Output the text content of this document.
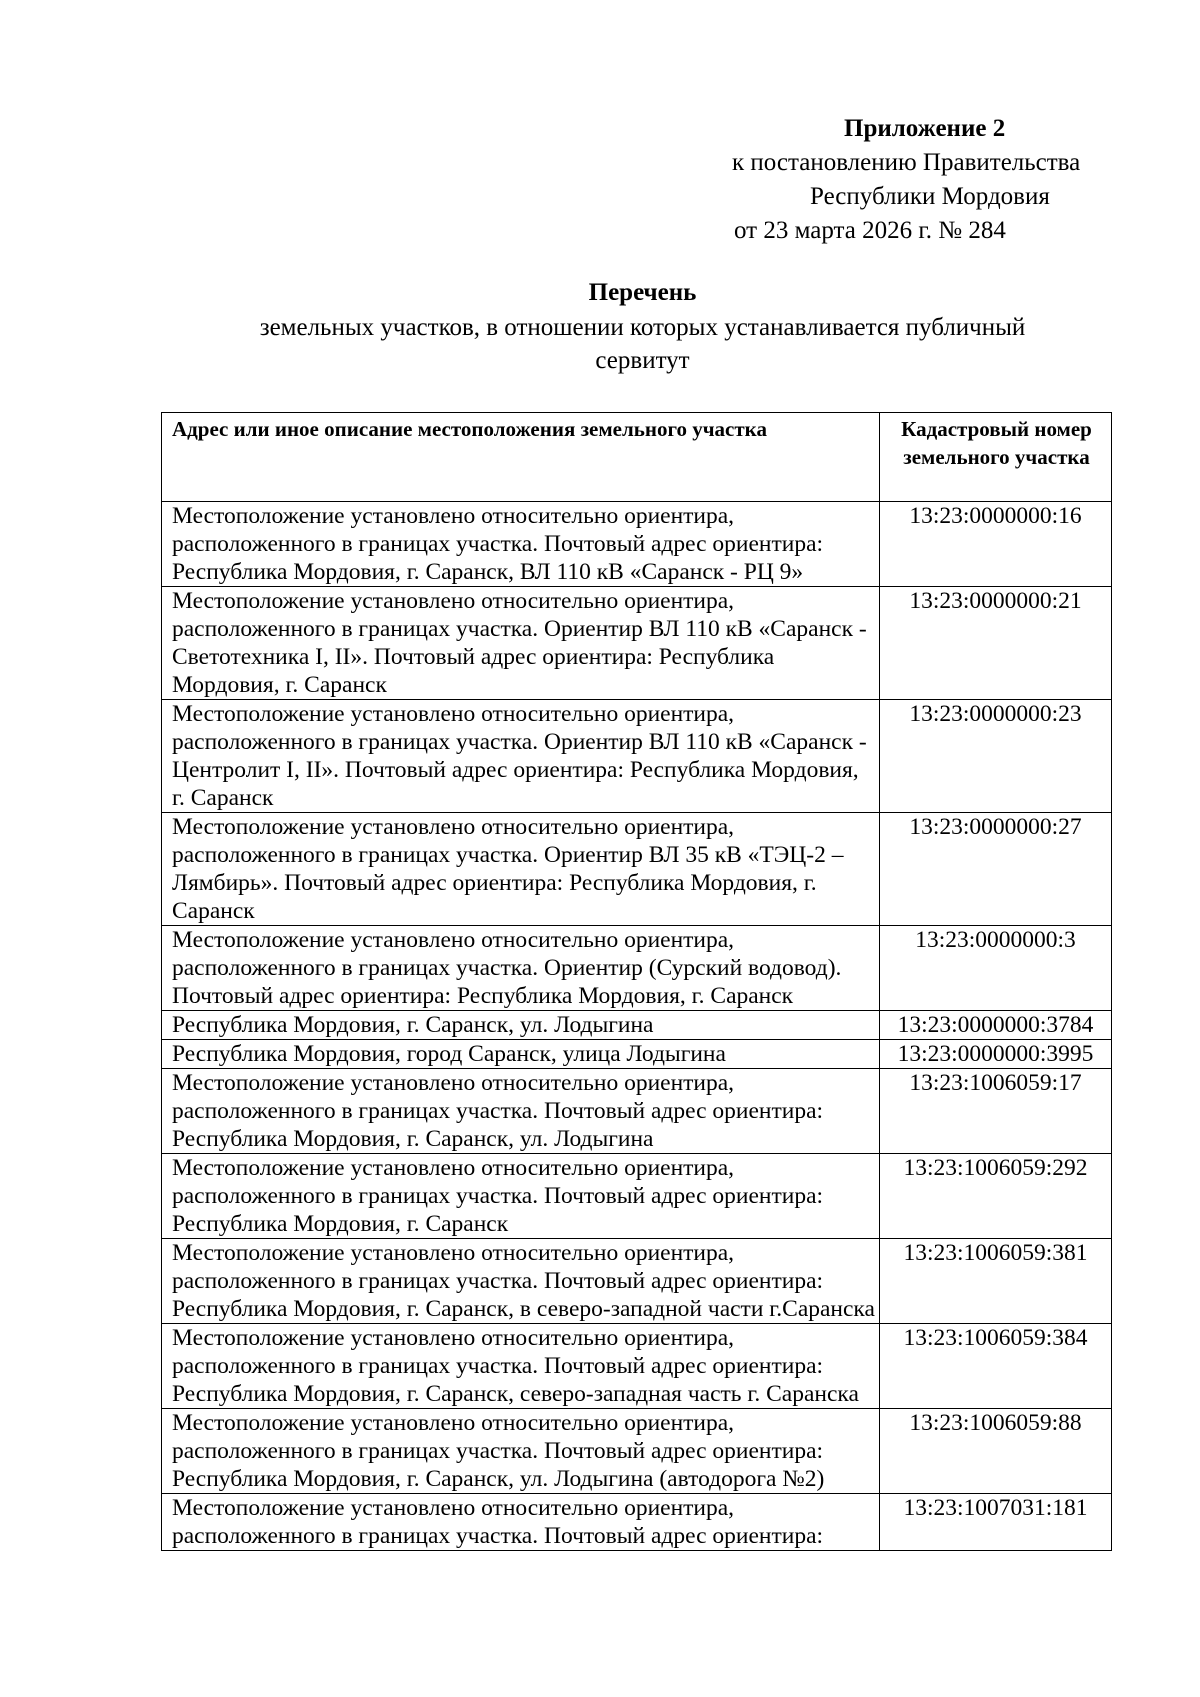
Приложение 2
к постановлению Правительства
Республики Мордовия
от 23 марта 2026 г. № 284
Перечень
земельных участков, в отношении которых устанавливается публичный
сервитут
Адрес или иное описание местоположения земельного участка	Кадастровый номер земельного участка
Местоположение установлено относительно ориентира, расположенного в границах участка. Почтовый адрес ориентира: Республика Мордовия, г. Саранск, ВЛ 110 кВ «Саранск - РЦ 9»	13:23:0000000:16
Местоположение установлено относительно ориентира, расположенного в границах участка. Ориентир ВЛ 110 кВ «Саранск - Светотехника I, II». Почтовый адрес ориентира: Республика Мордовия, г. Саранск	13:23:0000000:21
Местоположение установлено относительно ориентира, расположенного в границах участка. Ориентир ВЛ 110 кВ «Саранск - Центролит I, II». Почтовый адрес ориентира: Республика Мордовия, г. Саранск	13:23:0000000:23
Местоположение установлено относительно ориентира, расположенного в границах участка. Ориентир ВЛ 35 кВ «ТЭЦ-2 – Лямбирь». Почтовый адрес ориентира: Республика Мордовия, г. Саранск	13:23:0000000:27
Местоположение установлено относительно ориентира, расположенного в границах участка. Ориентир (Сурский водовод). Почтовый адрес ориентира: Республика Мордовия, г. Саранск	13:23:0000000:3
Республика Мордовия, г. Саранск, ул. Лодыгина	13:23:0000000:3784
Республика Мордовия, город Саранск, улица Лодыгина	13:23:0000000:3995
Местоположение установлено относительно ориентира, расположенного в границах участка. Почтовый адрес ориентира: Республика Мордовия, г. Саранск, ул. Лодыгина	13:23:1006059:17
Местоположение установлено относительно ориентира, расположенного в границах участка. Почтовый адрес ориентира: Республика Мордовия, г. Саранск	13:23:1006059:292
Местоположение установлено относительно ориентира, расположенного в границах участка. Почтовый адрес ориентира: Республика Мордовия, г. Саранск, в северо-западной части г.Саранска	13:23:1006059:381
Местоположение установлено относительно ориентира, расположенного в границах участка. Почтовый адрес ориентира: Республика Мордовия, г. Саранск, северо-западная часть г. Саранска	13:23:1006059:384
Местоположение установлено относительно ориентира, расположенного в границах участка. Почтовый адрес ориентира: Республика Мордовия, г. Саранск, ул. Лодыгина (автодорога №2)	13:23:1006059:88
Местоположение установлено относительно ориентира, расположенного в границах участка. Почтовый адрес ориентира:	13:23:1007031:181
